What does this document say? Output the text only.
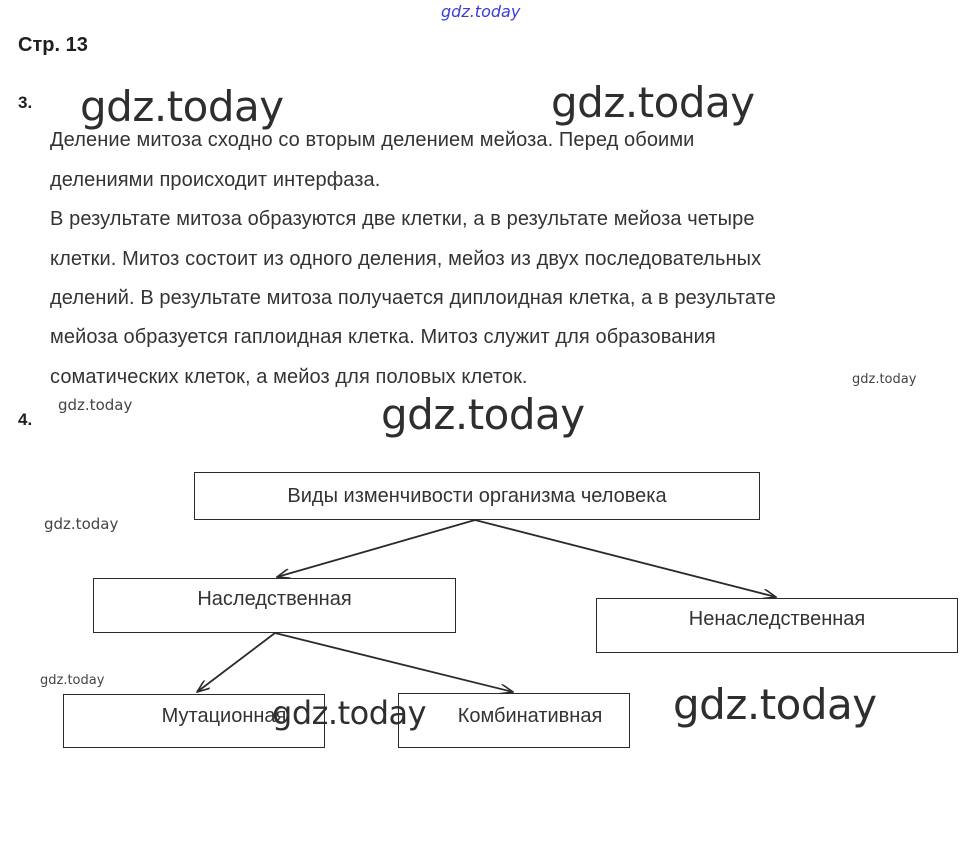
gdz.today
Стр. 13
3. gdz.today	gdz.today
Деление митоза сходно со вторым делением мейоза. Перед обоими
делениями происходит интерфаза.
В результате митоза образуются две клетки, а в результате мейоза четыре
клетки. Митоз состоит из одного деления, мейоз из двух последовательных
делений. В результате митоза получается диплоидная клетка, а в результате
мейоза образуется гаплоидная клетка. Митоз служит для образования
соматических клеток, а мейоз для половых клеток.	gdz.today
4.
gdz.today	gdz.today
gdz.today
gdz.today
Виды изменчивости организма человека
Наследственная
Ненаследственная
Мутационная	Комбинативная
gdz.today	gdz.today
